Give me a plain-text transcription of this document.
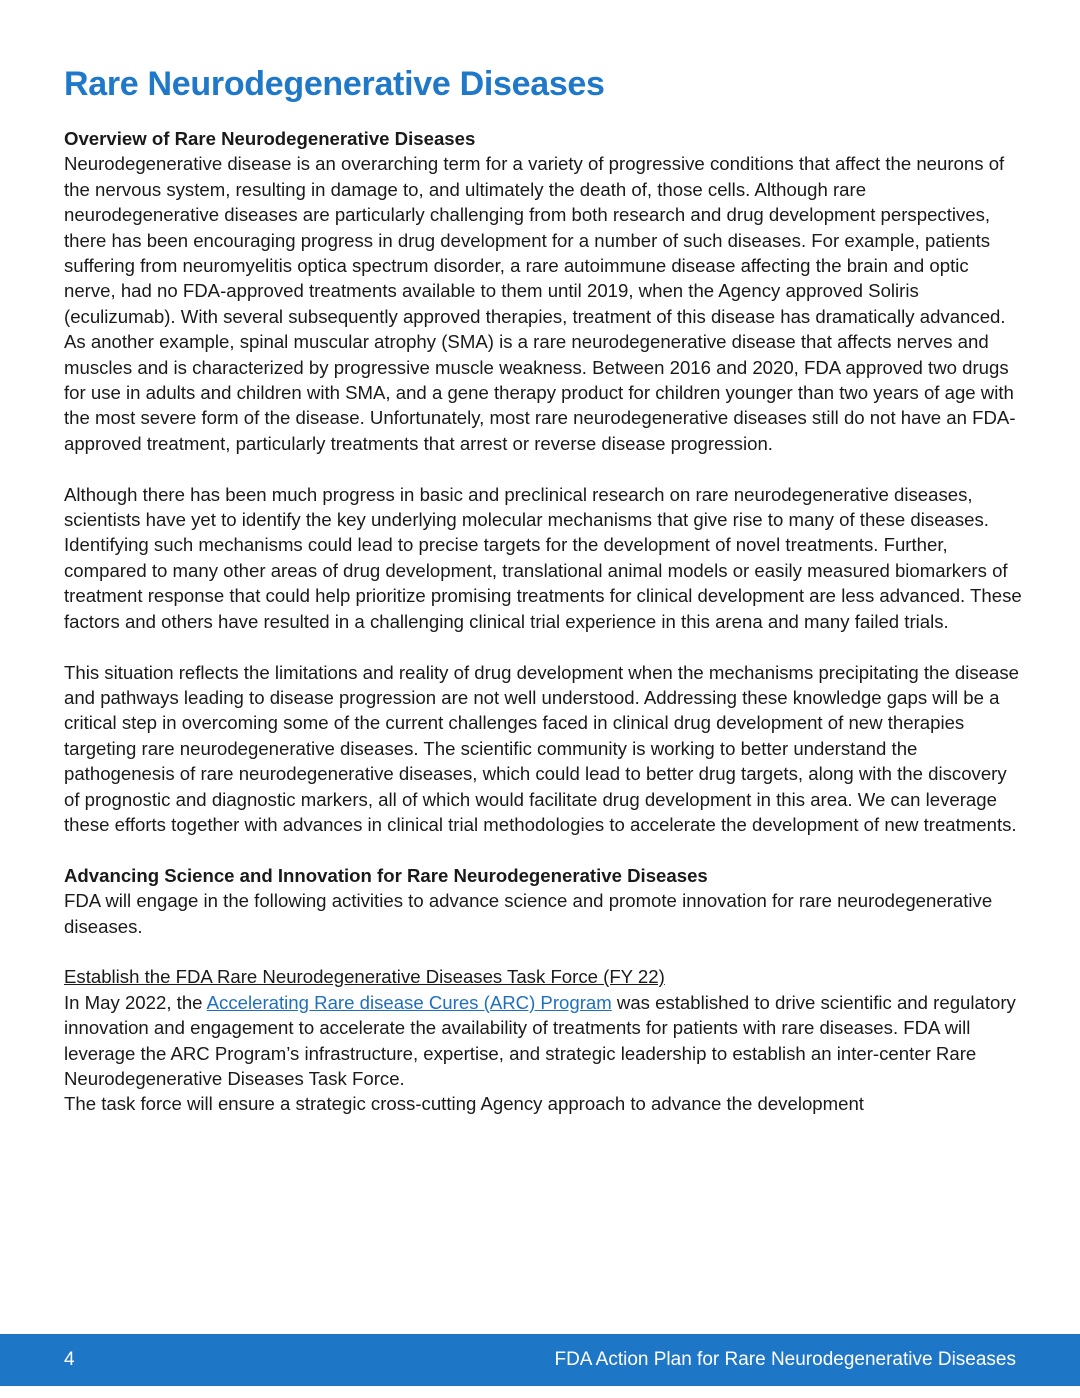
Rare Neurodegenerative Diseases
Overview of Rare Neurodegenerative Diseases

Neurodegenerative disease is an overarching term for a variety of progressive conditions that affect the neurons of the nervous system, resulting in damage to, and ultimately the death of, those cells. Although rare neurodegenerative diseases are particularly challenging from both research and drug development perspectives, there has been encouraging progress in drug development for a number of such diseases. For example, patients suffering from neuromyelitis optica spectrum disorder, a rare autoimmune disease affecting the brain and optic nerve, had no FDA-approved treatments available to them until 2019, when the Agency approved Soliris (eculizumab). With several subsequently approved therapies, treatment of this disease has dramatically advanced. As another example, spinal muscular atrophy (SMA) is a rare neurodegenerative disease that affects nerves and muscles and is characterized by progressive muscle weakness. Between 2016 and 2020, FDA approved two drugs for use in adults and children with SMA, and a gene therapy product for children younger than two years of age with the most severe form of the disease. Unfortunately, most rare neurodegenerative diseases still do not have an FDA-approved treatment, particularly treatments that arrest or reverse disease progression.

Although there has been much progress in basic and preclinical research on rare neurodegenerative diseases, scientists have yet to identify the key underlying molecular mechanisms that give rise to many of these diseases. Identifying such mechanisms could lead to precise targets for the development of novel treatments. Further, compared to many other areas of drug development, translational animal models or easily measured biomarkers of treatment response that could help prioritize promising treatments for clinical development are less advanced. These factors and others have resulted in a challenging clinical trial experience in this arena and many failed trials.

This situation reflects the limitations and reality of drug development when the mechanisms precipitating the disease and pathways leading to disease progression are not well understood. Addressing these knowledge gaps will be a critical step in overcoming some of the current challenges faced in clinical drug development of new therapies targeting rare neurodegenerative diseases. The scientific community is working to better understand the pathogenesis of rare neurodegenerative diseases, which could lead to better drug targets, along with the discovery of prognostic and diagnostic markers, all of which would facilitate drug development in this area. We can leverage these efforts together with advances in clinical trial methodologies to accelerate the development of new treatments.

Advancing Science and Innovation for Rare Neurodegenerative Diseases

FDA will engage in the following activities to advance science and promote innovation for rare neurodegenerative diseases.

Establish the FDA Rare Neurodegenerative Diseases Task Force (FY 22)

In May 2022, the Accelerating Rare disease Cures (ARC) Program was established to drive scientific and regulatory innovation and engagement to accelerate the availability of treatments for patients with rare diseases. FDA will leverage the ARC Program’s infrastructure, expertise, and strategic leadership to establish an inter-center Rare Neurodegenerative Diseases Task Force.

The task force will ensure a strategic cross-cutting Agency approach to advance the development

4	FDA Action Plan for Rare Neurodegenerative Diseases
